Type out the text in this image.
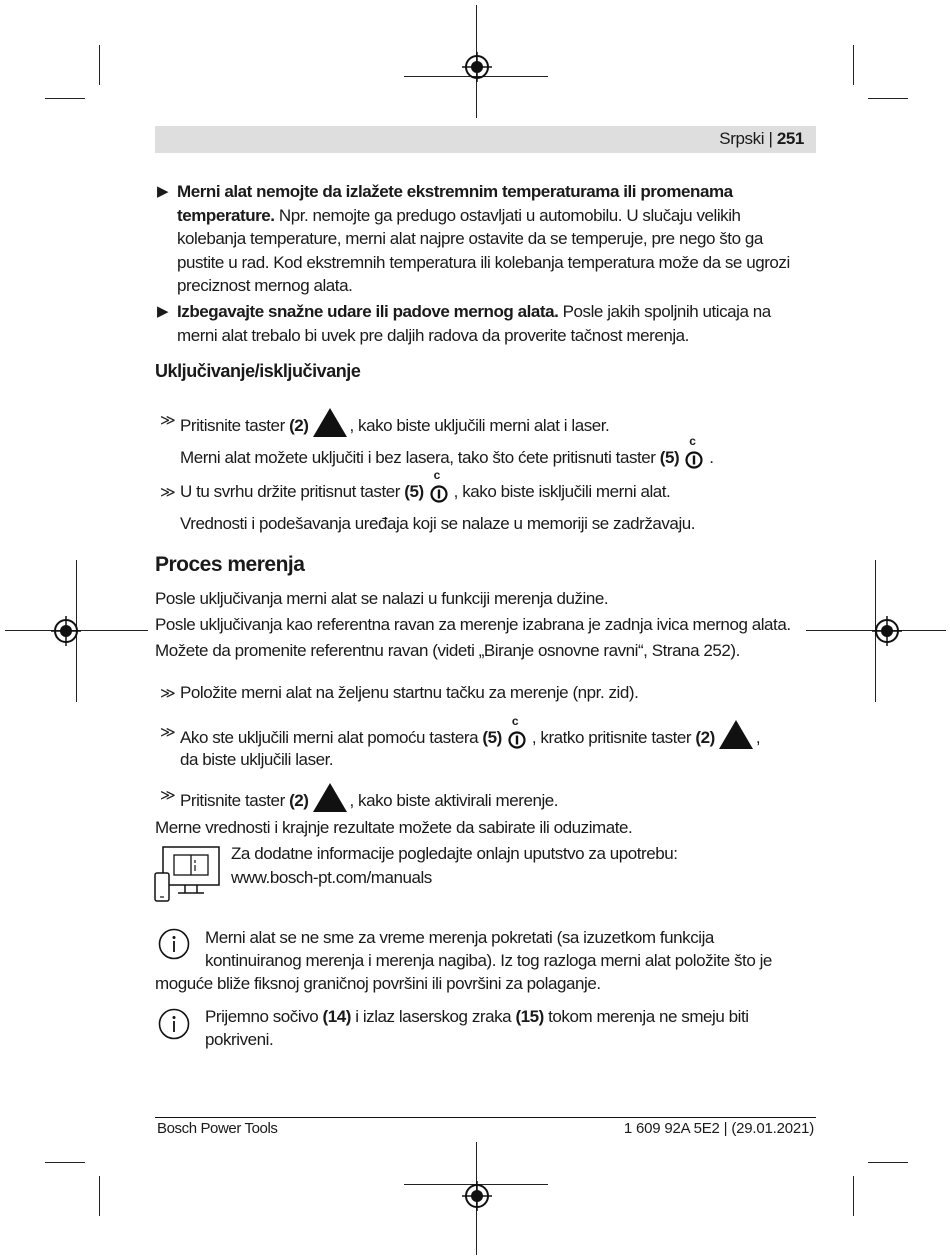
Srpski | 251
▶ Merni alat nemojte da izlažete ekstremnim temperaturama ili promenama
temperature. Npr. nemojte ga predugo ostavljati u automobilu. U slučaju velikih
kolebanja temperature, merni alat najpre ostavite da se temperuje, pre nego što ga
pustite u rad. Kod ekstremnih temperatura ili kolebanja temperatura može da se ugrozi
preciznost mernog alata.
▶ Izbegavajte snažne udare ili padove mernog alata. Posle jakih spoljnih uticaja na
merni alat trebalo bi uvek pre daljih radova da proverite tačnost merenja.
Uključivanje/isključivanje
≫ Pritisnite taster (2) , kako biste uključili merni alat i laser.
Merni alat možete uključiti i bez lasera, tako što ćete pritisnuti taster (5)
c
.
≫ U tu svrhu držite pritisnut taster (5)
c
, kako biste isključili merni alat.
Vrednosti i podešavanja uređaja koji se nalaze u memoriji se zadržavaju.
Proces merenja
Posle uključivanja merni alat se nalazi u funkciji merenja dužine.
Posle uključivanja kao referentna ravan za merenje izabrana je zadnja ivica mernog alata.
Možete da promenite referentnu ravan (videti „Biranje osnovne ravni“, Strana 252).
≫ Položite merni alat na željenu startnu tačku za merenje (npr. zid).
≫ Ako ste uključili merni alat pomoću tastera (5)
c
, kratko pritisnite taster (2) ,
da biste uključili laser.
≫ Pritisnite taster (2) , kako biste aktivirali merenje.
Merne vrednosti i krajnje rezultate možete da sabirate ili oduzimate.
Za dodatne informacije pogledajte onlajn uputstvo za upotrebu:
www.bosch-pt.com/manuals
Merni alat se ne sme za vreme merenja pokretati (sa izuzetkom funkcija
kontinuiranog merenja i merenja nagiba). Iz tog razloga merni alat položite što je
moguće bliže fiksnoj graničnoj površini ili površini za polaganje.
Prijemno sočivo (14) i izlaz laserskog zraka (15) tokom merenja ne smeju biti
pokriveni.
Bosch Power Tools	1 609 92A 5E2 | (29.01.2021)
